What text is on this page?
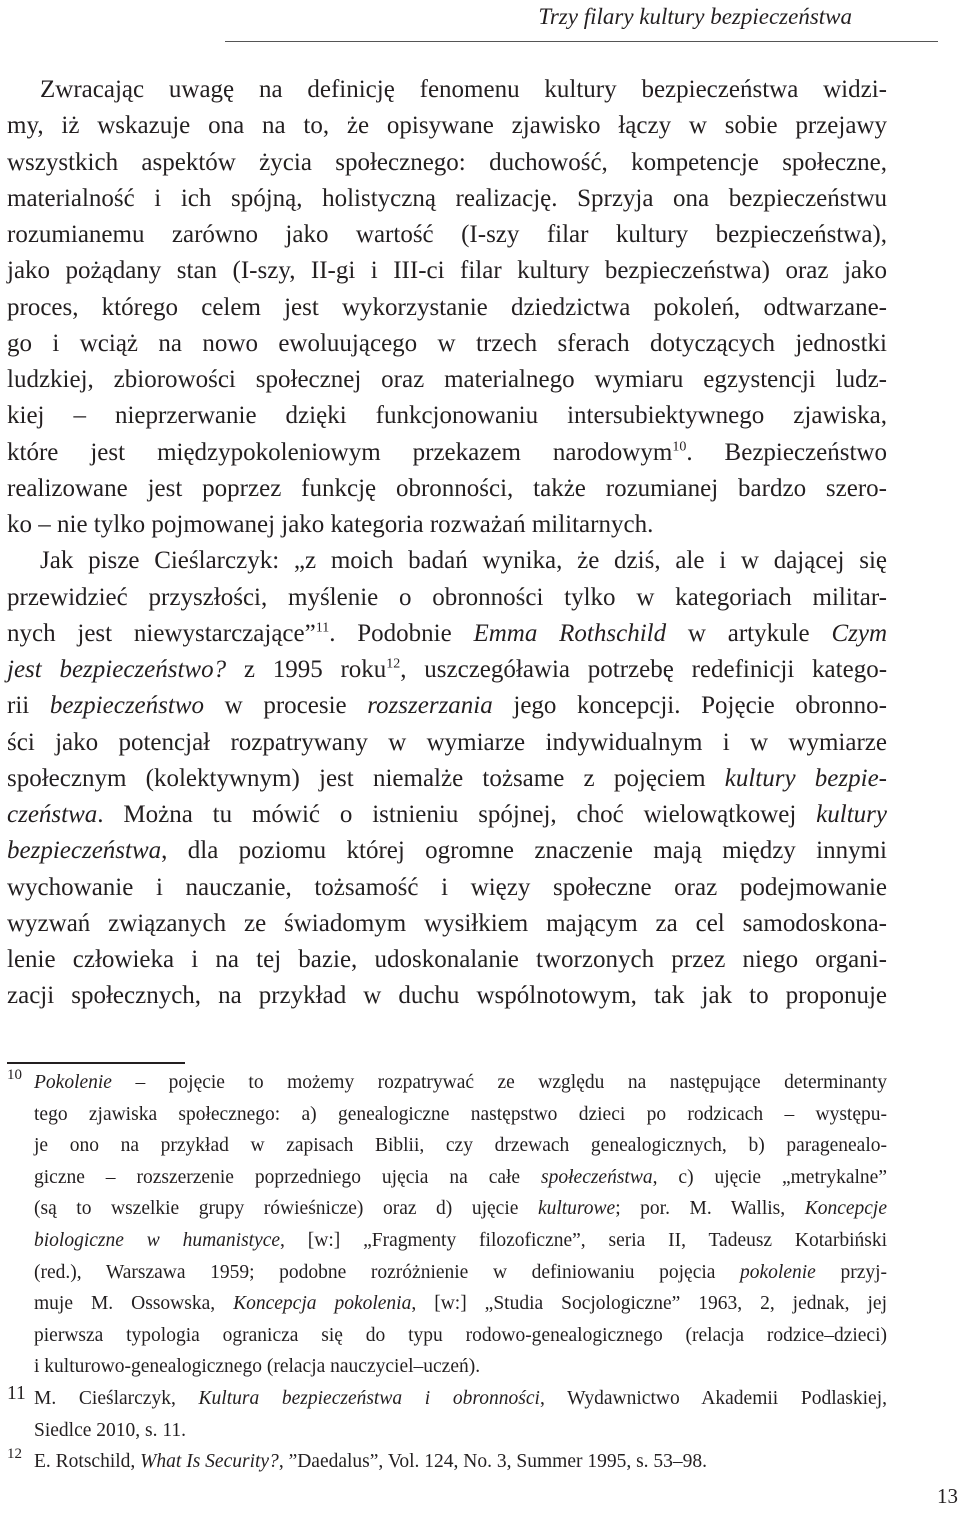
Trzy filary kultury bezpieczeństwa
Zwracając uwagę na definicję fenomenu kultury bezpieczeństwa widzi-
my, iż wskazuje ona na to, że opisywane zjawisko łączy w sobie przejawy
wszystkich aspektów życia społecznego: duchowość, kompetencje społeczne,
materialność i ich spójną, holistyczną realizację. Sprzyja ona bezpieczeństwu
rozumianemu zarówno jako wartość (I-szy filar kultury bezpieczeństwa),
jako pożądany stan (I-szy, II-gi i III-ci filar kultury bezpieczeństwa) oraz jako
proces, którego celem jest wykorzystanie dziedzictwa pokoleń, odtwarzane-
go i wciąż na nowo ewoluującego w trzech sferach dotyczących jednostki
ludzkiej, zbiorowości społecznej oraz materialnego wymiaru egzystencji ludz-
kiej – nieprzerwanie dzięki funkcjonowaniu intersubiektywnego zjawiska,
które jest międzypokoleniowym przekazem narodowym$^{10}$. Bezpieczeństwo
realizowane jest poprzez funkcję obronności, także rozumianej bardzo szero-
ko – nie tylko pojmowanej jako kategoria rozważań militarnych.
Jak pisze Cieślarczyk: „z moich badań wynika, że dziś, ale i w dającej się
przewidzieć przyszłości, myślenie o obronności tylko w kategoriach militar-
nych jest niewystarczające”$^{11}$. Podobnie Emma Rothschild w artykule Czym
jest bezpieczeństwo? z 1995 roku$^{12}$, uszczegóławia potrzebę redefinicji katego-
rii bezpieczeństwo w procesie rozszerzania jego koncepcji. Pojęcie obronno-
ści jako potencjał rozpatrywany w wymiarze indywidualnym i w wymiarze
społecznym (kolektywnym) jest niemalże tożsame z pojęciem kultury bezpie-
czeństwa. Można tu mówić o istnieniu spójnej, choć wielowątkowej kultury
bezpieczeństwa, dla poziomu której ogromne znaczenie mają między innymi
wychowanie i nauczanie, tożsamość i więzy społeczne oraz podejmowanie
wyzwań związanych ze świadomym wysiłkiem mającym za cel samodoskona-
lenie człowieka i na tej bazie, udoskonalanie tworzonych przez niego organi-
zacji społecznych, na przykład w duchu wspólnotowym, tak jak to proponuje
10 Pokolenie – pojęcie to możemy rozpatrywać ze względu na następujące determinanty
tego zjawiska społecznego: a) genealogiczne następstwo dzieci po rodzicach – występu-
je ono na przykład w zapisach Biblii, czy drzewach genealogicznych, b) paragenealo-
giczne – rozszerzenie poprzedniego ujęcia na całe społeczeństwa, c) ujęcie „metrykalne”
(są to wszelkie grupy rówieśnicze) oraz d) ujęcie kulturowe; por. M. Wallis, Koncepcje
biologiczne w humanistyce, [w:] „Fragmenty filozoficzne”, seria II, Tadeusz Kotarbiński
(red.), Warszawa 1959; podobne rozróżnienie w definiowaniu pojęcia pokolenie przyj-
muje M. Ossowska, Koncepcja pokolenia, [w:] „Studia Socjologiczne” 1963, 2, jednak, jej
pierwsza typologia ogranicza się do typu rodowo-genealogicznego (relacja rodzice–dzieci)
i kulturowo-genealogicznego (relacja nauczyciel–uczeń).
11 M. Cieślarczyk, Kultura bezpieczeństwa i obronności, Wydawnictwo Akademii Podlaskiej,
Siedlce 2010, s. 11.
12 E. Rotschild, What Is Security?, ”Daedalus”, Vol. 124, No. 3, Summer 1995, s. 53–98.
13
